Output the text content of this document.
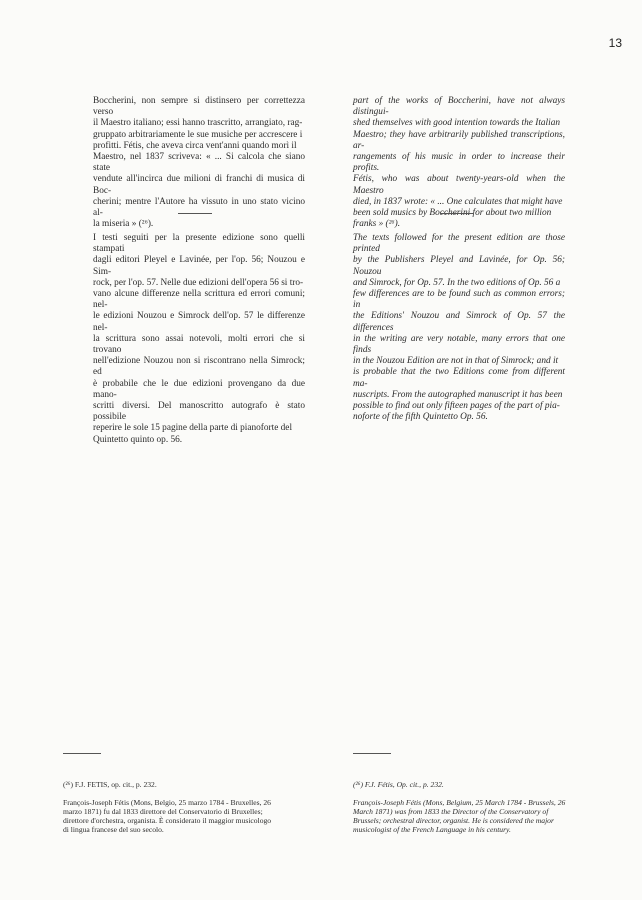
13

Boccherini, non sempre si distinsero per correttezza verso
il Maestro italiano; essi hanno trascritto, arrangiato, rag-
gruppato arbitrariamente le sue musiche per accrescere i
profitti. Fétis, che aveva circa vent'anni quando morì il
Maestro, nel 1837 scriveva: « ... Si calcola che siano state
vendute all'incirca due milioni di franchi di musica di Boc-
cherini; mentre l'Autore ha vissuto in uno stato vicino al-
la miseria » (²⁶).

I testi seguiti per la presente edizione sono quelli stampati
dagli editori Pleyel e Lavinée, per l'op. 56; Nouzou e Sim-
rock, per l'op. 57. Nelle due edizioni dell'opera 56 si tro-
vano alcune differenze nella scrittura ed errori comuni; nel-
le edizioni Nouzou e Simrock dell'op. 57 le differenze nel-
la scrittura sono assai notevoli, molti errori che si trovano
nell'edizione Nouzou non si riscontrano nella Simrock; ed
è probabile che le due edizioni provengano da due mano-
scritti diversi. Del manoscritto autografo è stato possibile
reperire le sole 15 pagine della parte di pianoforte del
Quintetto quinto op. 56.

part of the works of Boccherini, have not always distingui-
shed themselves with good intention towards the Italian
Maestro; they have arbitrarily published transcriptions, ar-
rangements of his music in order to increase their profits.
Fétis, who was about twenty-years-old when the Maestro
died, in 1837 wrote: « ... One calculates that might have
been sold musics by Boccherini for about two million
franks » (²⁶).

The texts followed for the present edition are those printed
by the Publishers Pleyel and Lavinée, for Op. 56; Nouzou
and Simrock, for Op. 57. In the two editions of Op. 56 a
few differences are to be found such as common errors; in
the Editions' Nouzou and Simrock of Op. 57 the differences
in the writing are very notable, many errors that one finds
in the Nouzou Edition are not in that of Simrock; and it
is probable that the two Editions come from different ma-
nuscripts. From the autographed manuscript it has been
possible to find out only fifteen pages of the part of pia-
noforte of the fifth Quintetto Op. 56.

(²⁶) F.J. FETIS, op. cit., p. 232.

François-Joseph Fétis (Mons, Belgio, 25 marzo 1784 - Bruxelles, 26
marzo 1871) fu dal 1833 direttore del Conservatorio di Bruxelles;
direttore d'orchestra, organista. È considerato il maggior musicologo
di lingua francese del suo secolo.

(²⁶) F.J. Fétis, Op. cit., p. 232.

François-Joseph Fétis (Mons, Belgium, 25 March 1784 - Brussels, 26
March 1871) was from 1833 the Director of the Conservatory of
Brussels; orchestral director, organist. He is considered the major
musicologist of the French Language in his century.
